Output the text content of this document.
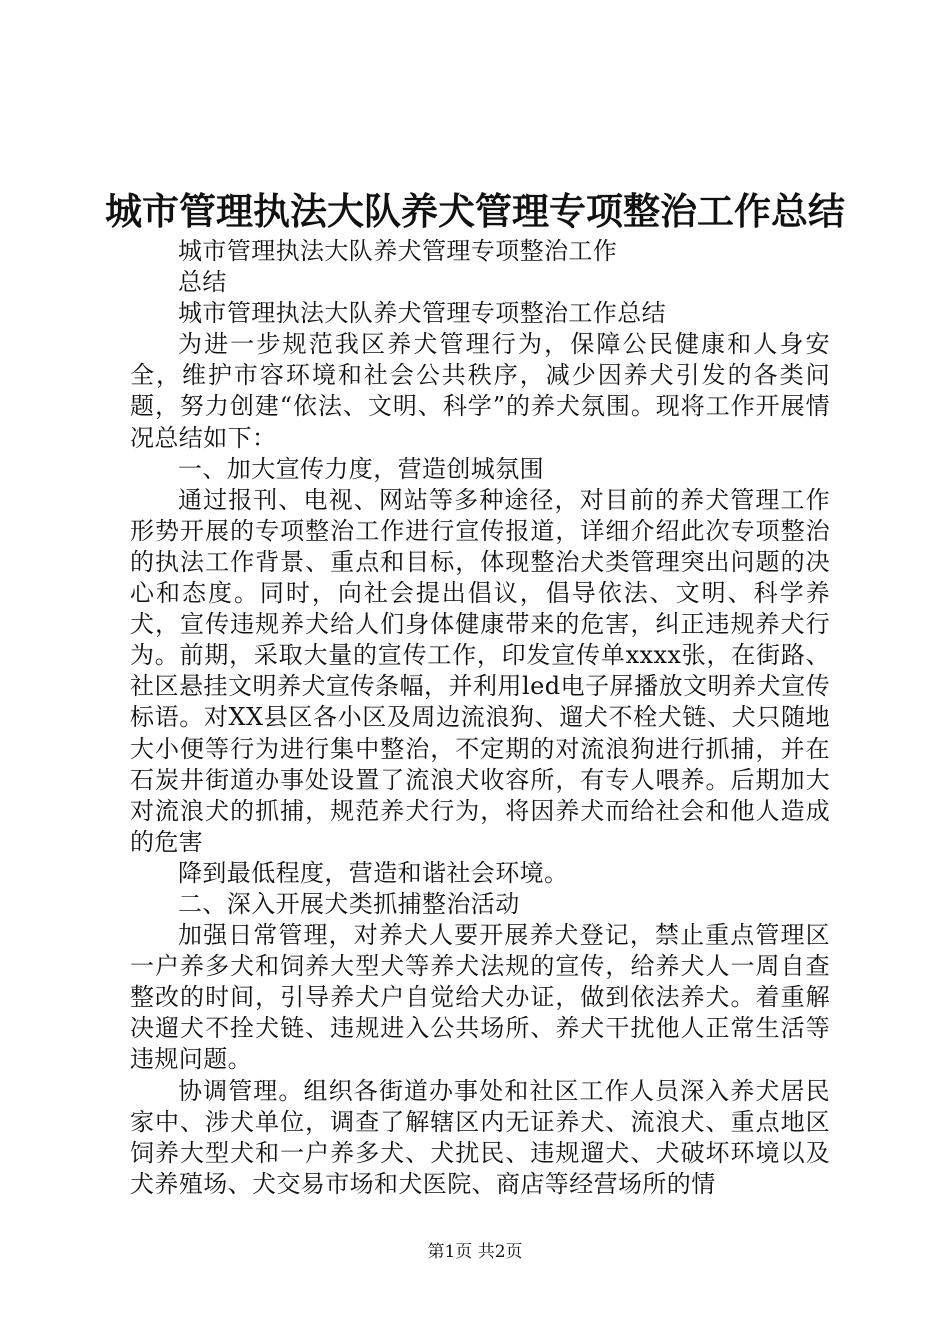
城市管理执法大队养犬管理专项整治工作总结

城市管理执法大队养犬管理专项整治工作

总结

城市管理执法大队养犬管理专项整治工作总结

为进一步规范我区养犬管理行为，保障公民健康和人身安全，维护市容环境和社会公共秩序，减少因养犬引发的各类问题，努力创建“依法、文明、科学”的养犬氛围。现将工作开展情况总结如下：

一、加大宣传力度，营造创城氛围

通过报刊、电视、网站等多种途径，对目前的养犬管理工作形势开展的专项整治工作进行宣传报道，详细介绍此次专项整治的执法工作背景、重点和目标，体现整治犬类管理突出问题的决心和态度。同时，向社会提出倡议，倡导依法、文明、科学养犬，宣传违规养犬给人们身体健康带来的危害，纠正违规养犬行为。前期，采取大量的宣传工作，印发宣传单xxxx张，在街路、社区悬挂文明养犬宣传条幅，并利用led电子屏播放文明养犬宣传标语。对XX县区各小区及周边流浪狗、遛犬不栓犬链、犬只随地大小便等行为进行集中整治，不定期的对流浪狗进行抓捕，并在石炭井街道办事处设置了流浪犬收容所，有专人喂养。后期加大对流浪犬的抓捕，规范养犬行为，将因养犬而给社会和他人造成的危害

降到最低程度，营造和谐社会环境。

二、深入开展犬类抓捕整治活动

加强日常管理，对养犬人要开展养犬登记，禁止重点管理区一户养多犬和饲养大型犬等养犬法规的宣传，给养犬人一周自查整改的时间，引导养犬户自觉给犬办证，做到依法养犬。着重解决遛犬不拴犬链、违规进入公共场所、养犬干扰他人正常生活等违规问题。

协调管理。组织各街道办事处和社区工作人员深入养犬居民家中、涉犬单位，调查了解辖区内无证养犬、流浪犬、重点地区饲养大型犬和一户养多犬、犬扰民、违规遛犬、犬破坏环境以及犬养殖场、犬交易市场和犬医院、商店等经营场所的情

第1页 共2页
